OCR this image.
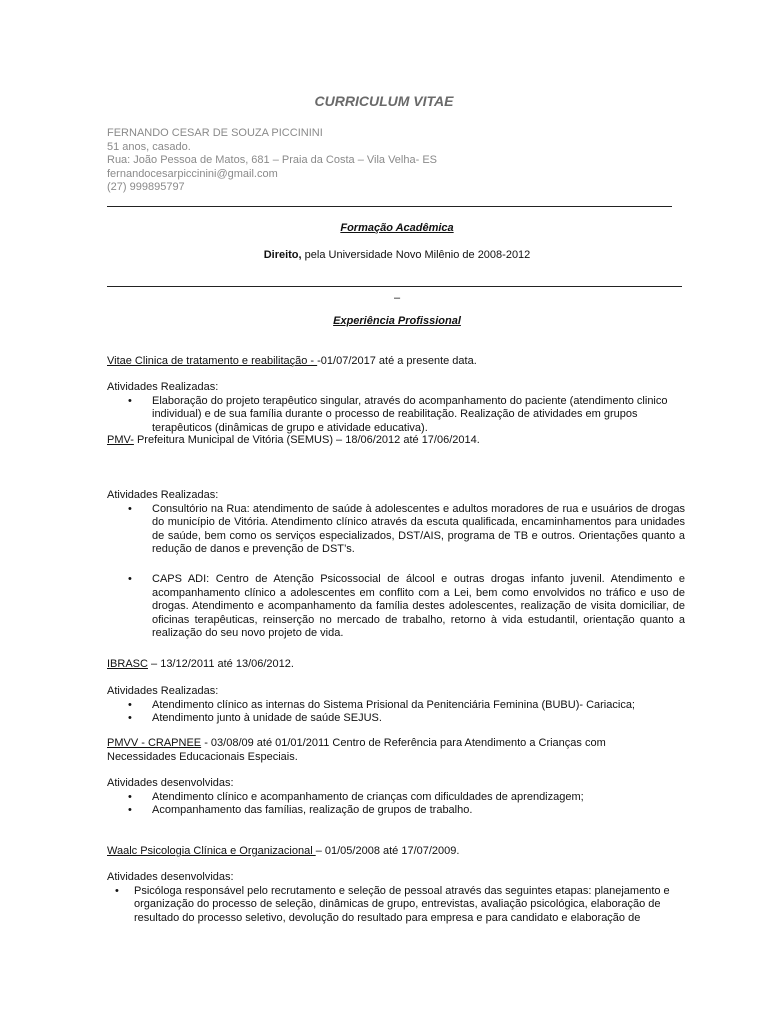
CURRICULUM VITAE
FERNANDO CESAR DE SOUZA PICCININI
51 anos, casado.
Rua: João Pessoa de Matos, 681 – Praia da Costa – Vila Velha- ES
fernandocesarpiccinini@gmail.com
(27) 999895797
Formação Acadêmica
Direito, pela Universidade Novo Milênio de 2008-2012
–
Experiência Profissional
Vitae Clinica de tratamento e reabilitação - -01/07/2017 até a presente data.
Atividades Realizadas:
• Elaboração do projeto terapêutico singular, através do acompanhamento do paciente (atendimento clinico individual) e de sua família durante o processo de reabilitação. Realização de atividades em grupos terapêuticos (dinâmicas de grupo e atividade educativa).
PMV- Prefeitura Municipal de Vitória (SEMUS) – 18/06/2012 até 17/06/2014.
Atividades Realizadas:
• Consultório na Rua: atendimento de saúde à adolescentes e adultos moradores de rua e usuários de drogas do município de Vitória. Atendimento clínico através da escuta qualificada, encaminhamentos para unidades de saúde, bem como os serviços especializados, DST/AIS, programa de TB e outros. Orientações quanto a redução de danos e prevenção de DST’s.
• CAPS ADI: Centro de Atenção Psicossocial de álcool e outras drogas infanto juvenil. Atendimento e acompanhamento clínico a adolescentes em conflito com a Lei, bem como envolvidos no tráfico e uso de drogas. Atendimento e acompanhamento da família destes adolescentes, realização de visita domiciliar, de oficinas terapêuticas, reinserção no mercado de trabalho, retorno à vida estudantil, orientação quanto a realização do seu novo projeto de vida.
IBRASC – 13/12/2011 até 13/06/2012.
Atividades Realizadas:
• Atendimento clínico as internas do Sistema Prisional da Penitenciária Feminina (BUBU)- Cariacica;
• Atendimento junto à unidade de saúde SEJUS.
PMVV - CRAPNEE - 03/08/09 até 01/01/2011 Centro de Referência para Atendimento a Crianças com Necessidades Educacionais Especiais.
Atividades desenvolvidas:
• Atendimento clínico e acompanhamento de crianças com dificuldades de aprendizagem;
• Acompanhamento das famílias, realização de grupos de trabalho.
Waalc Psicologia Clínica e Organizacional – 01/05/2008 até 17/07/2009.
Atividades desenvolvidas:
• Psicóloga responsável pelo recrutamento e seleção de pessoal através das seguintes etapas: planejamento e organização do processo de seleção, dinâmicas de grupo, entrevistas, avaliação psicológica, elaboração de resultado do processo seletivo, devolução do resultado para empresa e para candidato e elaboração de
